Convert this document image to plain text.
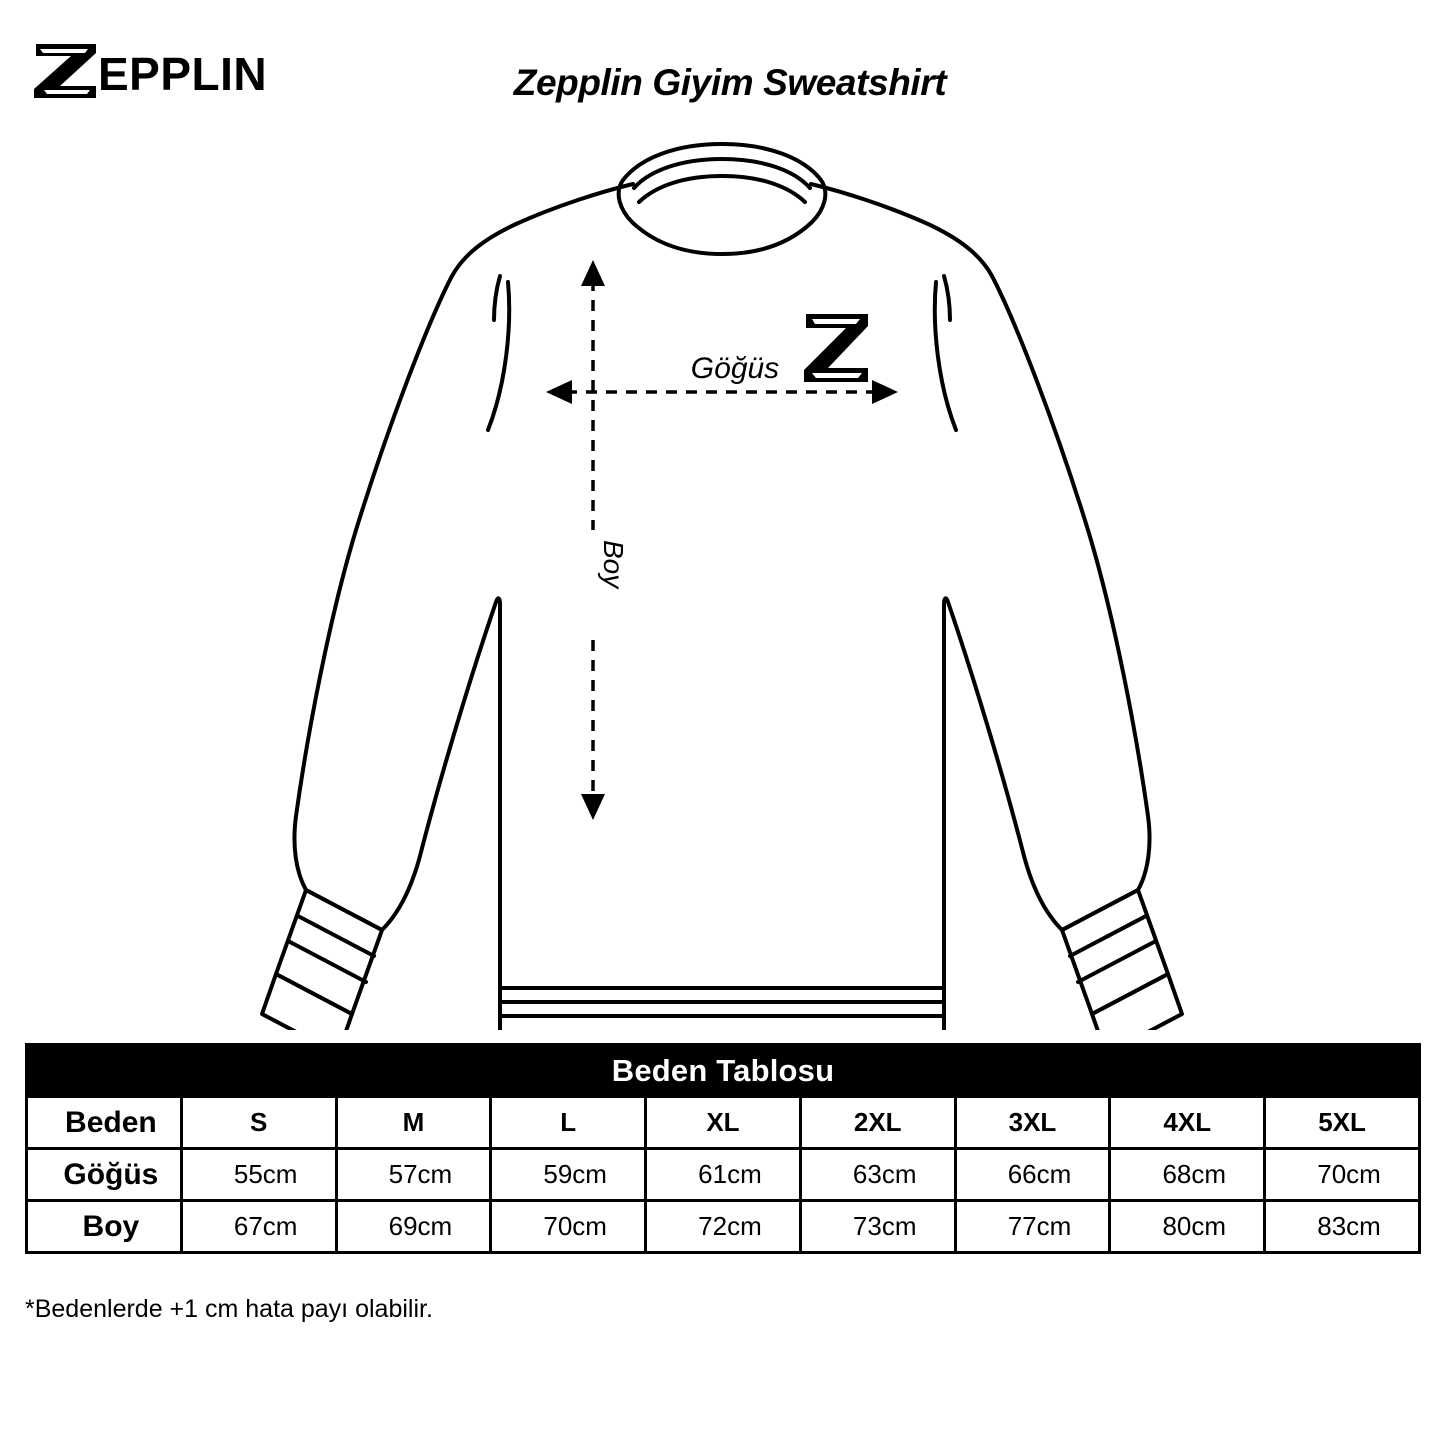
EPPLIN	Zepplin Giyim Sweatshirt
Göğüs
Boy
Beden Tablosu								
Beden	S	M	L	XL	2XL	3XL	4XL	5XL
Göğüs	55cm	57cm	59cm	61cm	63cm	66cm	68cm	70cm
Boy	67cm	69cm	70cm	72cm	73cm	77cm	80cm	83cm
*Bedenlerde +1 cm hata payı olabilir.
